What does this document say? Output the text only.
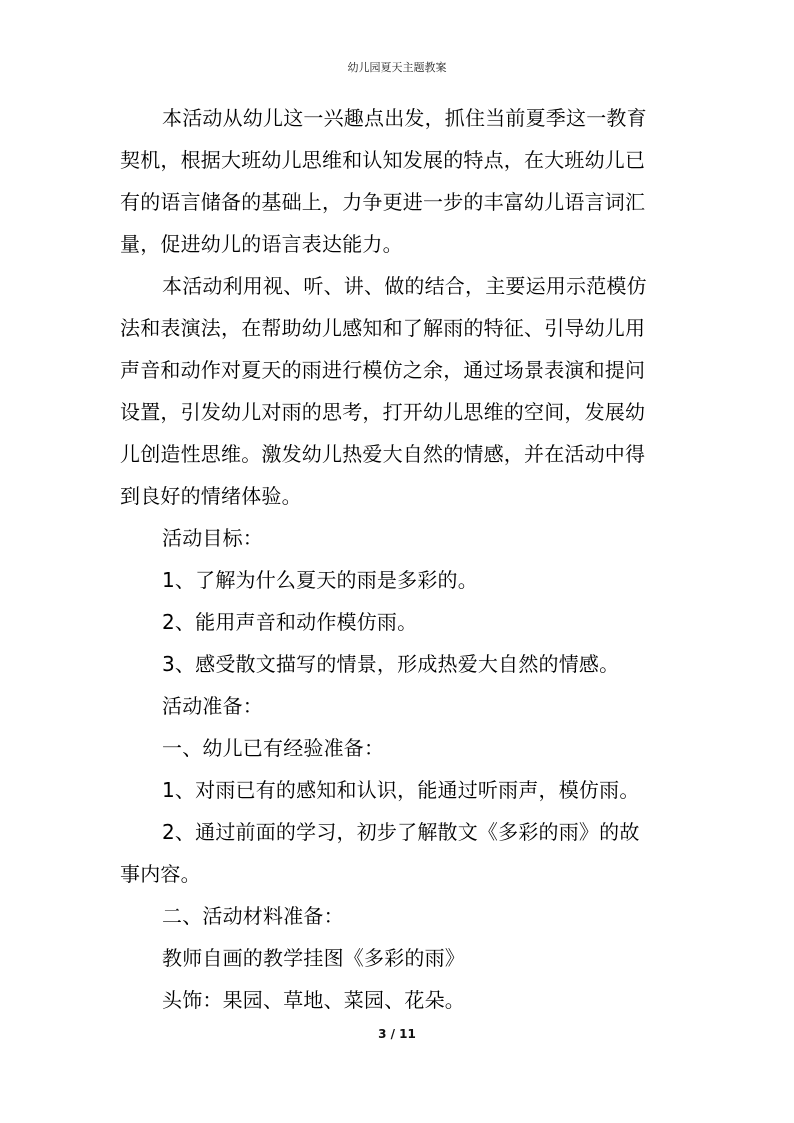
幼儿园夏天主题教案
本活动从幼儿这一兴趣点出发，抓住当前夏季这一教育
契机，根据大班幼儿思维和认知发展的特点，在大班幼儿已
有的语言储备的基础上，力争更进一步的丰富幼儿语言词汇
量，促进幼儿的语言表达能力。
本活动利用视、听、讲、做的结合，主要运用示范模仿
法和表演法，在帮助幼儿感知和了解雨的特征、引导幼儿用
声音和动作对夏天的雨进行模仿之余，通过场景表演和提问
设置，引发幼儿对雨的思考，打开幼儿思维的空间，发展幼
儿创造性思维。激发幼儿热爱大自然的情感，并在活动中得
到良好的情绪体验。
活动目标：
1、了解为什么夏天的雨是多彩的。
2、能用声音和动作模仿雨。
3、感受散文描写的情景，形成热爱大自然的情感。
活动准备：
一、幼儿已有经验准备：
1、对雨已有的感知和认识，能通过听雨声，模仿雨。
2、通过前面的学习，初步了解散文《多彩的雨》的故
事内容。
二、活动材料准备：
教师自画的教学挂图《多彩的雨》
头饰：果园、草地、菜园、花朵。
3 / 11
